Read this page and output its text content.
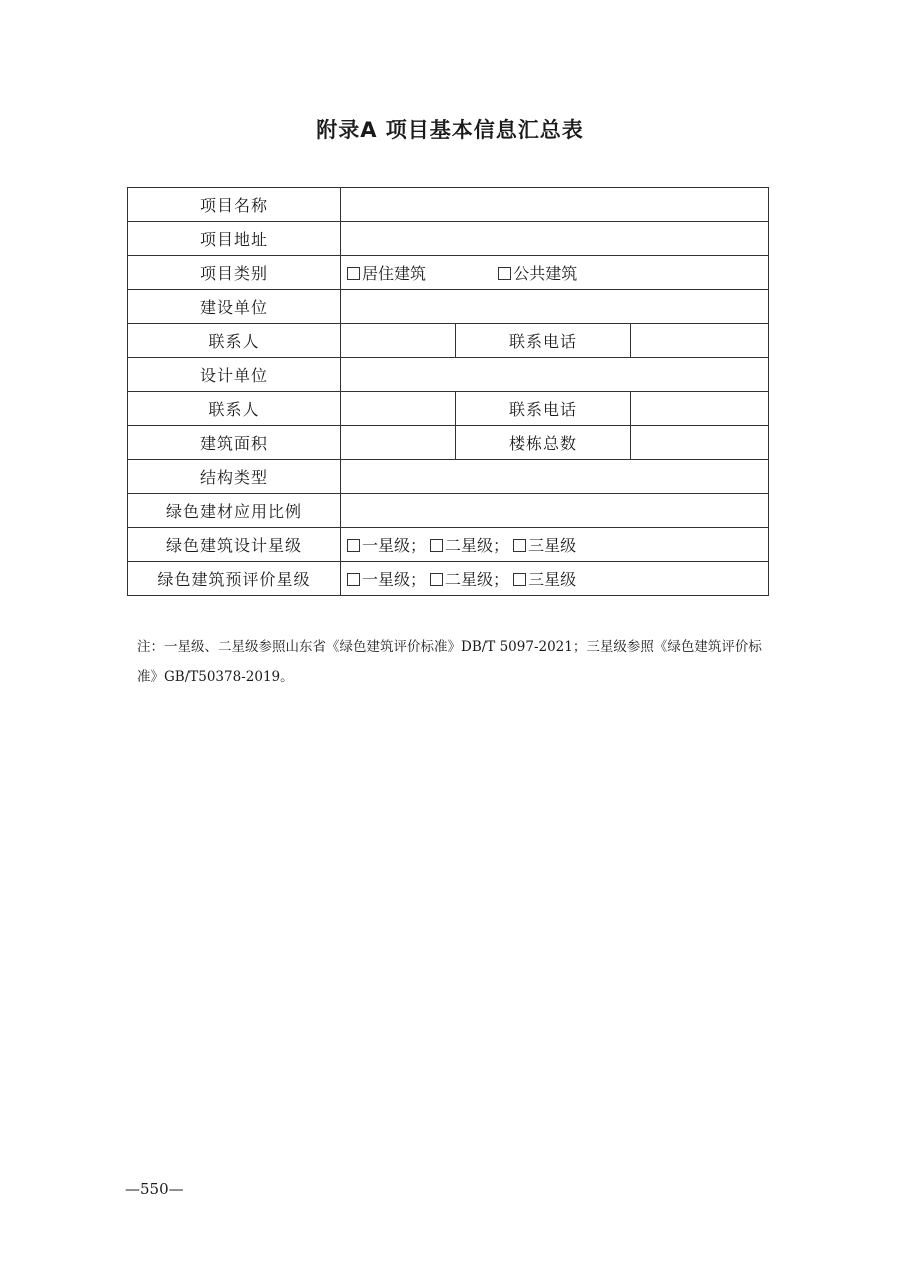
附录A 项目基本信息汇总表
项目名称			
项目地址			
项目类别	居住建筑 公共建筑		
建设单位			
联系人		联系电话	
设计单位			
联系人		联系电话	
建筑面积		楼栋总数	
结构类型			
绿色建材应用比例			
绿色建筑设计星级	一星级； 二星级； 三星级		
绿色建筑预评价星级	一星级； 二星级； 三星级		
注：一星级、二星级参照山东省《绿色建筑评价标准》DB/T 5097-2021；三星级参照《绿色建筑评价标准》GB/T50378-2019。
—550—
